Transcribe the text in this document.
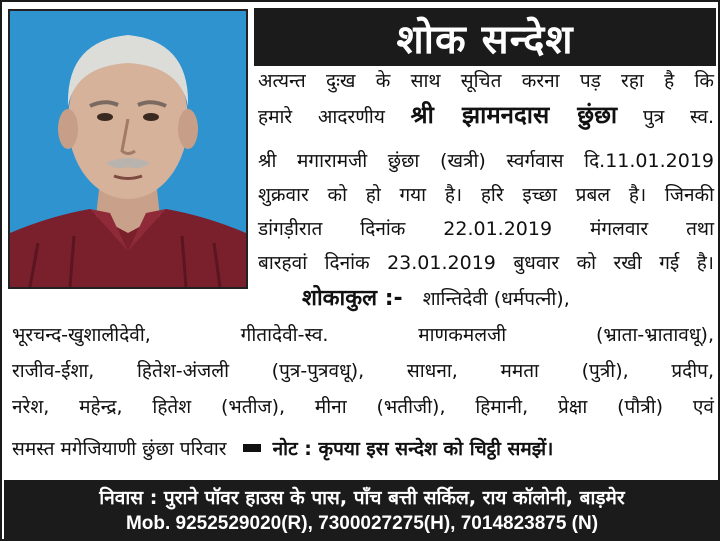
शोक सन्देश
अत्यन्त दुःख के साथ सूचित करना पड़ रहा है कि
हमारे आदरणीय श्री झामनदास छुंछा पुत्र स्व.
श्री मगारामजी छुंछा (खत्री) स्वर्गवास दि.11.01.2019
शुक्रवार को हो गया है। हरि इच्छा प्रबल है। जिनकी
डांगड़ीरात दिनांक 22.01.2019 मंगलवार तथा
बारहवां दिनांक 23.01.2019 बुधवार को रखी गई है।
शोकाकुल :- शान्तिदेवी (धर्मपत्नी),
भूरचन्द-खुशालीदेवी, गीतादेवी-स्व. माणकमलजी (भ्राता-भ्रातावधू),
राजीव-ईशा, हितेश-अंजली (पुत्र-पुत्रवधू), साधना, ममता (पुत्री), प्रदीप,
नरेश, महेन्द्र, हितेश (भतीज), मीना (भतीजी), हिमानी, प्रेक्षा (पौत्री) एवं
समस्त मगेजियाणी छुंछा परिवार नोट : कृपया इस सन्देश को चिट्ठी समझें।
निवास : पुराने पॉवर हाउस के पास, पाँच बत्ती सर्किल, राय कॉलोनी, बाड़मेर
Mob. 9252529020(R), 7300027275(H), 7014823875 (N)
